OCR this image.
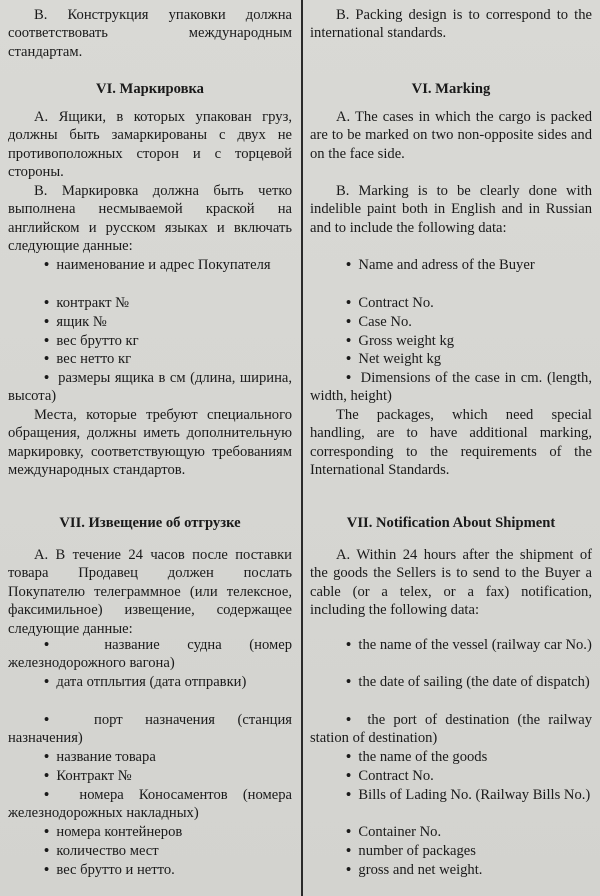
В. Конструкция упаковки должна соответствовать международным стандартам.

VI. Маркировка

А. Ящики, в которых упакован груз, должны быть замаркированы с двух не противоположных сторон и с торцевой стороны.

В. Маркировка должна быть четко выполнена несмываемой краской на английском и русском языках и включать следующие данные:

• наименование и адрес Покупателя

• контракт №

• ящик №

• вес брутто кг

• вес нетто кг

• размеры ящика в см (длина, ширина, высота)

Места, которые требуют специального обращения, должны иметь дополнительную маркировку, соответствующую требованиям международных стандартов.

VII. Извещение об отгрузке

А. В течение 24 часов после поставки товара Продавец должен послать Покупателю телеграммное (или телексное, факсимильное) извещение, содержащее следующие данные:

•	название судна (номер железнодорожного вагона)

• дата отплытия (дата отправки)

•	порт назначения (станция назначения)

• название товара

• Контракт №

• номера Коносаментов (номера железнодорожных накладных)

• номера контейнеров

• количество мест

• вес брутто и нетто.

B. Packing design is to correspond to the international standards.

VI. Marking

A. The cases in which the cargo is packed are to be marked on two non-opposite sides and on the face side.

B. Marking is to be clearly done with indelible paint both in English and in Russian and to include the following data:

• Name and adress of the Buyer

• Contract No.

• Case No.

• Gross weight kg

• Net weight kg

• Dimensions of the case in cm. (length, width, height)

The packages, which need special handling, are to have additional marking, corresponding to the requirements of the International Standards.

VII. Notification About Shipment

A. Within 24 hours after the shipment of the goods the Sellers is to send to the Buyer a cable (or a telex, or a fax) notification, including the following data:

• the name of the vessel (railway car No.)

• the date of sailing (the date of dispatch)

• the port of destination (the railway station of destination)

• the name of the goods

• Contract No.

• Bills of Lading No. (Railway Bills No.)

• Container No.

• number of packages

• gross and net weight.
